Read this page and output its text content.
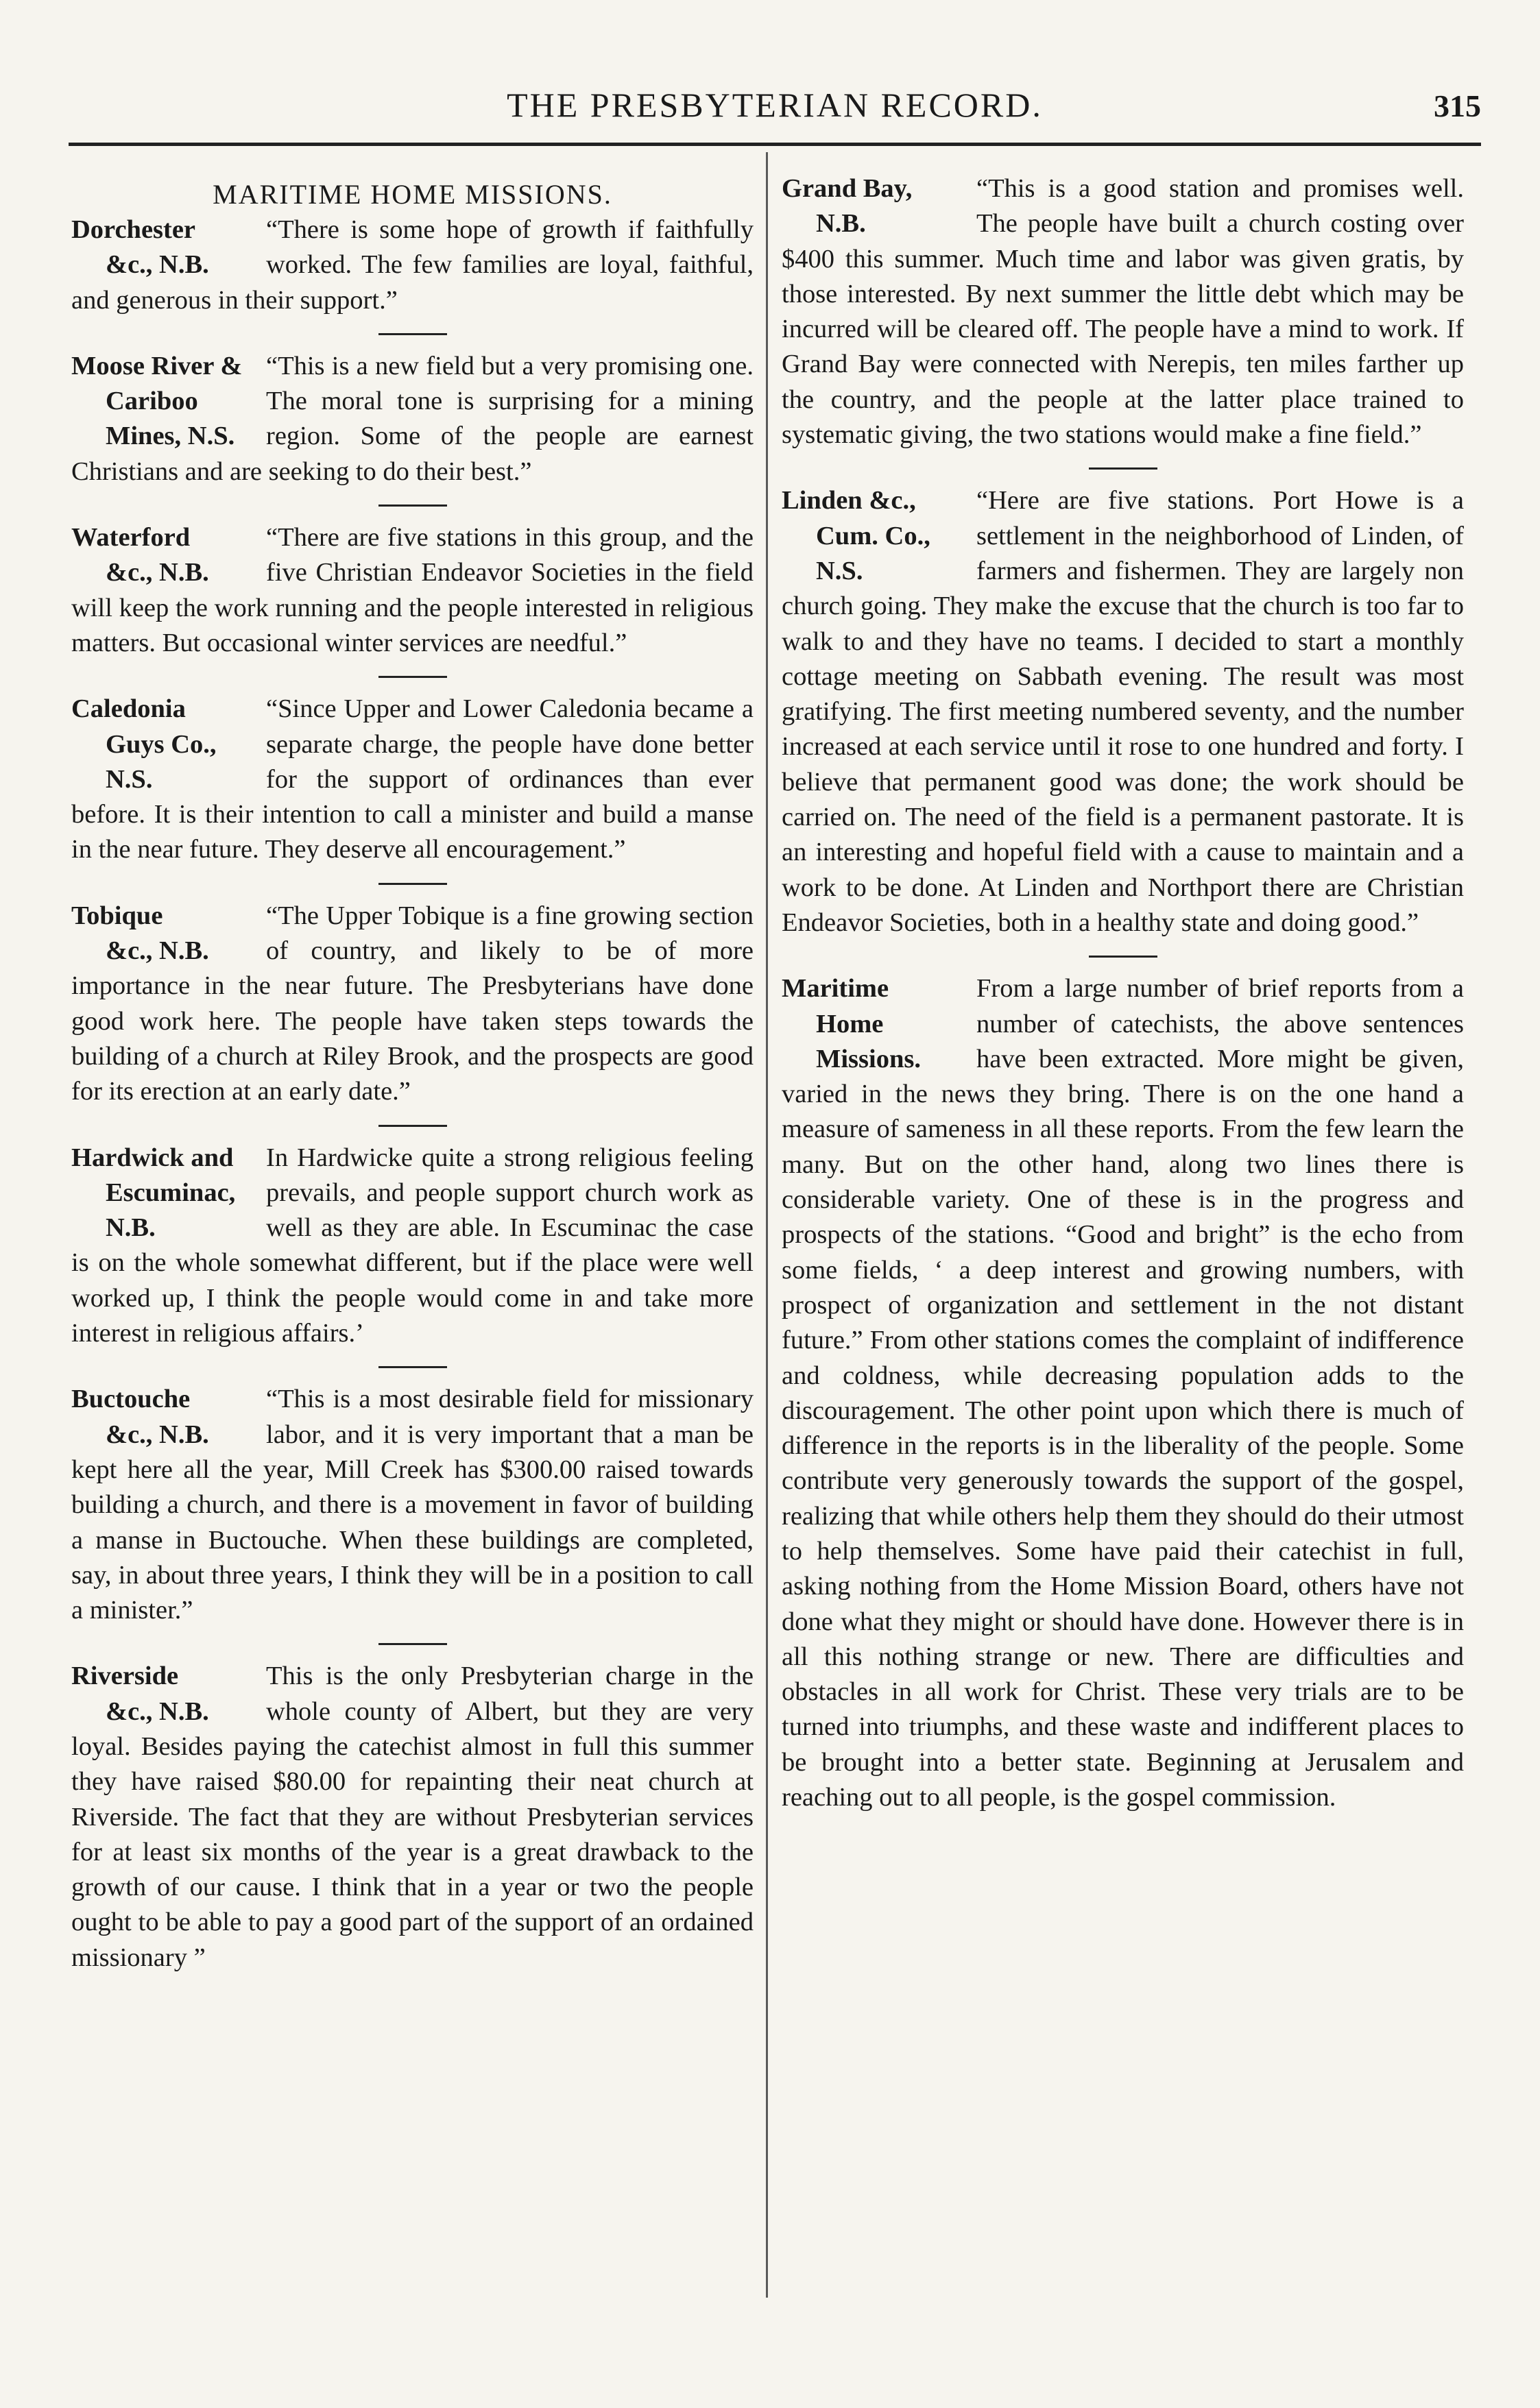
THE PRESBYTERIAN RECORD.	315
MARITIME HOME MISSIONS.
Dorchester
&c., N.B.
“There is some hope of growth if faithfully worked. The few families are loyal, faithful, and generous in their support.”
Moose River &
Cariboo Mines, N.S.
“This is a new field but a very promising one. The moral tone is surprising for a mining region. Some of the people are earnest Christians and are seeking to do their best.”
Waterford
&c., N.B.
“There are five stations in this group, and the five Christian Endeavor Societies in the field will keep the work running and the people interested in religious matters. But occasional winter services are needful.”
Caledonia
Guys Co., N.S.
“Since Upper and Lower Caledonia became a separate charge, the people have done better for the support of ordinances than ever before. It is their intention to call a minister and build a manse in the near future. They deserve all encouragement.”
Tobique
&c., N.B.
“The Upper Tobique is a fine growing section of country, and likely to be of more importance in the near future. The Presbyterians have done good work here. The people have taken steps towards the building of a church at Riley Brook, and the prospects are good for its erection at an early date.”
Hardwick and
Escuminac, N.B.
In Hardwicke quite a strong religious feeling prevails, and people support church work as well as they are able. In Escuminac the case is on the whole somewhat different, but if the place were well worked up, I think the people would come in and take more interest in religious affairs.’
Buctouche
&c., N.B.
“This is a most desirable field for missionary labor, and it is very important that a man be kept here all the year, Mill Creek has $300.00 raised towards building a church, and there is a movement in favor of building a manse in Buctouche. When these buildings are completed, say, in about three years, I think they will be in a position to call a minister.”
Riverside
&c., N.B.
This is the only Presbyterian charge in the whole county of Albert, but they are very loyal. Besides paying the catechist almost in full this summer they have raised $80.00 for repainting their neat church at Riverside. The fact that they are without Presbyterian services for at least six months of the year is a great drawback to the growth of our cause. I think that in a year or two the people ought to be able to pay a good part of the support of an ordained missionary ”
Grand Bay,
N.B.
“This is a good station and promises well. The people have built a church costing over $400 this summer. Much time and labor was given gratis, by those interested. By next summer the little debt which may be incurred will be cleared off. The people have a mind to work. If Grand Bay were connected with Nerepis, ten miles farther up the country, and the people at the latter place trained to systematic giving, the two stations would make a fine field.”
Linden &c.,
Cum. Co., N.S.
“Here are five stations. Port Howe is a settlement in the neighborhood of Linden, of farmers and fishermen. They are largely non church going. They make the excuse that the church is too far to walk to and they have no teams. I decided to start a monthly cottage meeting on Sabbath evening. The result was most gratifying. The first meeting numbered seventy, and the number increased at each service until it rose to one hundred and forty. I believe that permanent good was done; the work should be carried on. The need of the field is a permanent pastorate. It is an interesting and hopeful field with a cause to maintain and a work to be done. At Linden and Northport there are Christian Endeavor Societies, both in a healthy state and doing good.”
Maritime
Home Missions.
From a large number of brief reports from a number of catechists, the above sentences have been extracted. More might be given, varied in the news they bring. There is on the one hand a measure of sameness in all these reports. From the few learn the many. But on the other hand, along two lines there is considerable variety. One of these is in the progress and prospects of the stations. “Good and bright” is the echo from some fields, ‘ a deep interest and growing numbers, with prospect of organization and settlement in the not distant future.” From other stations comes the complaint of indifference and coldness, while decreasing population adds to the discouragement. The other point upon which there is much of difference in the reports is in the liberality of the people. Some contribute very generously towards the support of the gospel, realizing that while others help them they should do their utmost to help themselves. Some have paid their catechist in full, asking nothing from the Home Mission Board, others have not done what they might or should have done. However there is in all this nothing strange or new. There are difficulties and obstacles in all work for Christ. These very trials are to be turned into triumphs, and these waste and indifferent places to be brought into a better state. Beginning at Jerusalem and reaching out to all people, is the gospel commission.
